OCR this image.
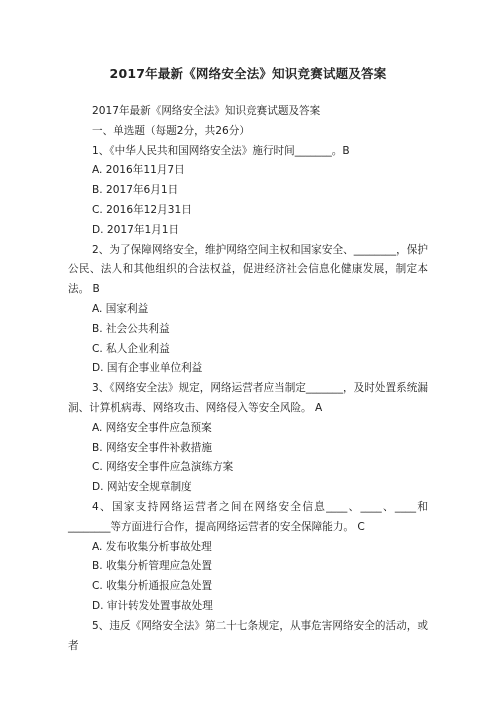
2017年最新《网络安全法》知识竞赛试题及答案

2017年最新《网络安全法》知识竞赛试题及答案

一、单选题（每题2分，共26分）

1、《中华人民共和国网络安全法》施行时间_______。B

A. 2016年11月7日

B. 2017年6月1日

C. 2016年12月31日

D. 2017年1月1日

2、为了保障网络安全，维护网络空间主权和国家安全、________，保护公民、法人和其他组织的合法权益，促进经济社会信息化健康发展，制定本法。 B

A. 国家利益

B. 社会公共利益

C. 私人企业利益

D. 国有企事业单位利益

3、《网络安全法》规定，网络运营者应当制定_______，及时处置系统漏洞、计算机病毒、网络攻击、网络侵入等安全风险。 A

A. 网络安全事件应急预案

B. 网络安全事件补救措施

C. 网络安全事件应急演练方案

D. 网站安全规章制度

4、国家支持网络运营者之间在网络安全信息____、____、____和________等方面进行合作，提高网络运营者的安全保障能力。 C

A. 发布收集分析事故处理

B. 收集分析管理应急处置

C. 收集分析通报应急处置

D. 审计转发处置事故处理

5、违反《网络安全法》第二十七条规定，从事危害网络安全的活动，或者
